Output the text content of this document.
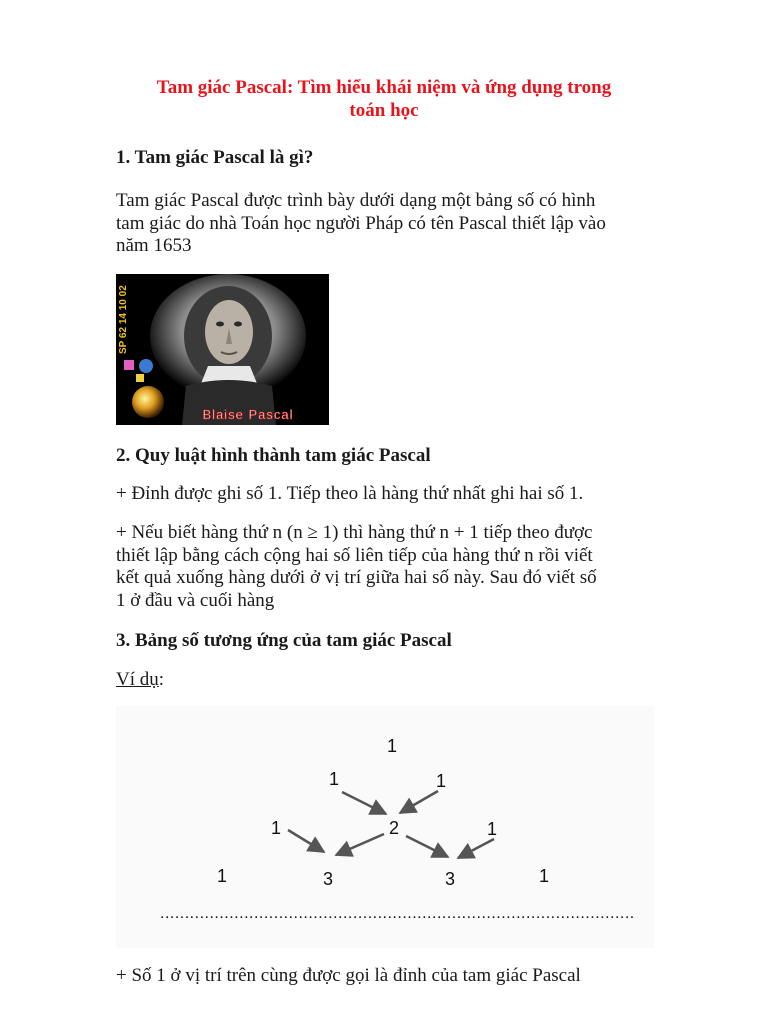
Tam giác Pascal: Tìm hiểu khái niệm và ứng dụng trong
toán học
1. Tam giác Pascal là gì?
Tam giác Pascal được trình bày dưới dạng một bảng số có hình
tam giác do nhà Toán học người Pháp có tên Pascal thiết lập vào
năm 1653
SP 62 14 10 02
Blaise Pascal
2. Quy luật hình thành tam giác Pascal
+ Đỉnh được ghi số 1. Tiếp theo là hàng thứ nhất ghi hai số 1.
+ Nếu biết hàng thứ n (n ≥ 1) thì hàng thứ n + 1 tiếp theo được
thiết lập bằng cách cộng hai số liên tiếp của hàng thứ n rồi viết
kết quả xuống hàng dưới ở vị trí giữa hai số này. Sau đó viết số
1 ở đầu và cuối hàng
3. Bảng số tương ứng của tam giác Pascal
Ví dụ:
1
1	1
1	2	1
1	3	3	1
................................................................................................
+ Số 1 ở vị trí trên cùng được gọi là đỉnh của tam giác Pascal
